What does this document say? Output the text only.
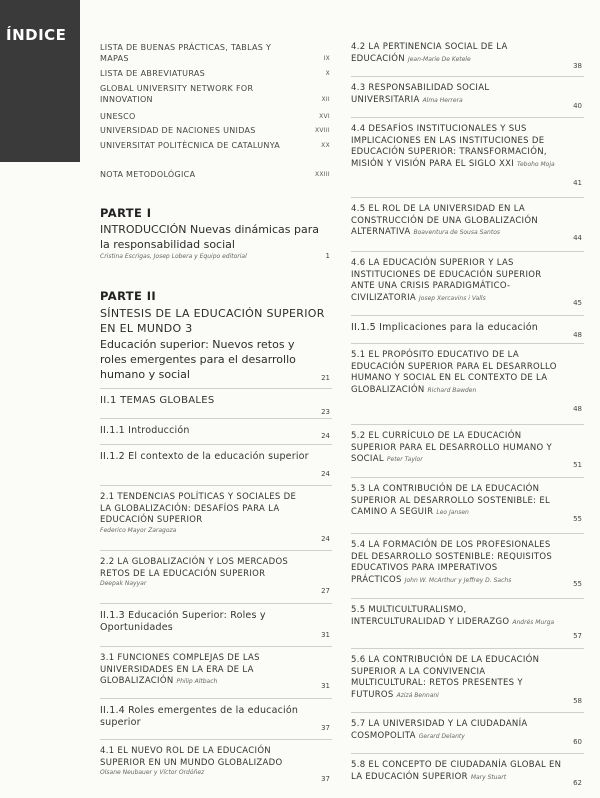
ÍNDICE
LISTA DE BUENAS PRÁCTICAS, TABLAS Y MAPAS	IX
LISTA DE ABREVIATURAS	X
GLOBAL UNIVERSITY NETWORK FOR INNOVATION	XII
UNESCO	XVI
UNIVERSIDAD DE NACIONES UNIDAS	XVIII
UNIVERSITAT POLITÈCNICA DE CATALUNYA	XX
NOTA METODOLÓGICA	XXIII
PARTE I
INTRODUCCIÓN Nuevas dinámicas para la responsabilidad social
Cristina Escrigas, Josep Lobera y Equipo editorial	1
PARTE II
SÍNTESIS DE LA EDUCACIÓN SUPERIOR EN EL MUNDO 3
Educación superior: Nuevos retos y roles emergentes para el desarrollo humano y social	21
II.1 TEMAS GLOBALES
23
II.1.1 Introducción	24
II.1.2 El contexto de la educación superior
24
2.1 TENDENCIAS POLÍTICAS Y SOCIALES DE LA GLOBALIZACIÓN: DESAFÍOS PARA LA EDUCACIÓN SUPERIOR
Federico Mayor Zaragoza
24
2.2 LA GLOBALIZACIÓN Y LOS MERCADOS RETOS DE LA EDUCACIÓN SUPERIOR
Deepak Nayyar
27
II.1.3 Educación Superior: Roles y Oportunidades
31
3.1 FUNCIONES COMPLEJAS DE LAS UNIVERSIDADES EN LA ERA DE LA GLOBALIZACIÓN Philip Altbach
31
II.1.4 Roles emergentes de la educación superior
37
4.1 EL NUEVO ROL DE LA EDUCACIÓN SUPERIOR EN UN MUNDO GLOBALIZADO
Olsane Neubauer y Víctor Ordóñez
37
4.2 LA PERTINENCIA SOCIAL DE LA EDUCACIÓN Jean-Marie De Ketele
38
4.3 RESPONSABILIDAD SOCIAL UNIVERSITARIA Alma Herrera
40
4.4 DESAFÍOS INSTITUCIONALES Y SUS IMPLICACIONES EN LAS INSTITUCIONES DE EDUCACIÓN SUPERIOR: TRANSFORMACIÓN, MISIÓN Y VISIÓN PARA EL SIGLO XXI Teboho Moja
41
4.5 EL ROL DE LA UNIVERSIDAD EN LA CONSTRUCCIÓN DE UNA GLOBALIZACIÓN ALTERNATIVA Boaventura de Sousa Santos
44
4.6 LA EDUCACIÓN SUPERIOR Y LAS INSTITUCIONES DE EDUCACIÓN SUPERIOR ANTE UNA CRISIS PARADIGMÁTICO-CIVILIZATORIA Josep Xercavins i Valls
45
II.1.5 Implicaciones para la educación
48
5.1 EL PROPÓSITO EDUCATIVO DE LA EDUCACIÓN SUPERIOR PARA EL DESARROLLO HUMANO Y SOCIAL EN EL CONTEXTO DE LA GLOBALIZACIÓN Richard Bawden
48
5.2 EL CURRÍCULO DE LA EDUCACIÓN SUPERIOR PARA EL DESARROLLO HUMANO Y SOCIAL Peter Taylor
51
5.3 LA CONTRIBUCIÓN DE LA EDUCACIÓN SUPERIOR AL DESARROLLO SOSTENIBLE: EL CAMINO A SEGUIR Leo Jansen
55
5.4 LA FORMACIÓN DE LOS PROFESIONALES DEL DESARROLLO SOSTENIBLE: REQUISITOS EDUCATIVOS PARA IMPERATIVOS PRÁCTICOS John W. McArthur y Jeffrey D. Sachs	55
5.5 MULTICULTURALISMO, INTERCULTURALIDAD Y LIDERAZGO Andrés Murga
57
5.6 LA CONTRIBUCIÓN DE LA EDUCACIÓN SUPERIOR A LA CONVIVENCIA MULTICULTURAL: RETOS PRESENTES Y FUTUROS Azizá Bennani
58
5.7 LA UNIVERSIDAD Y LA CIUDADANÍA COSMOPOLITA Gerard Delanty
60
5.8 EL CONCEPTO DE CIUDADANÍA GLOBAL EN LA EDUCACIÓN SUPERIOR Mary Stuart
62
